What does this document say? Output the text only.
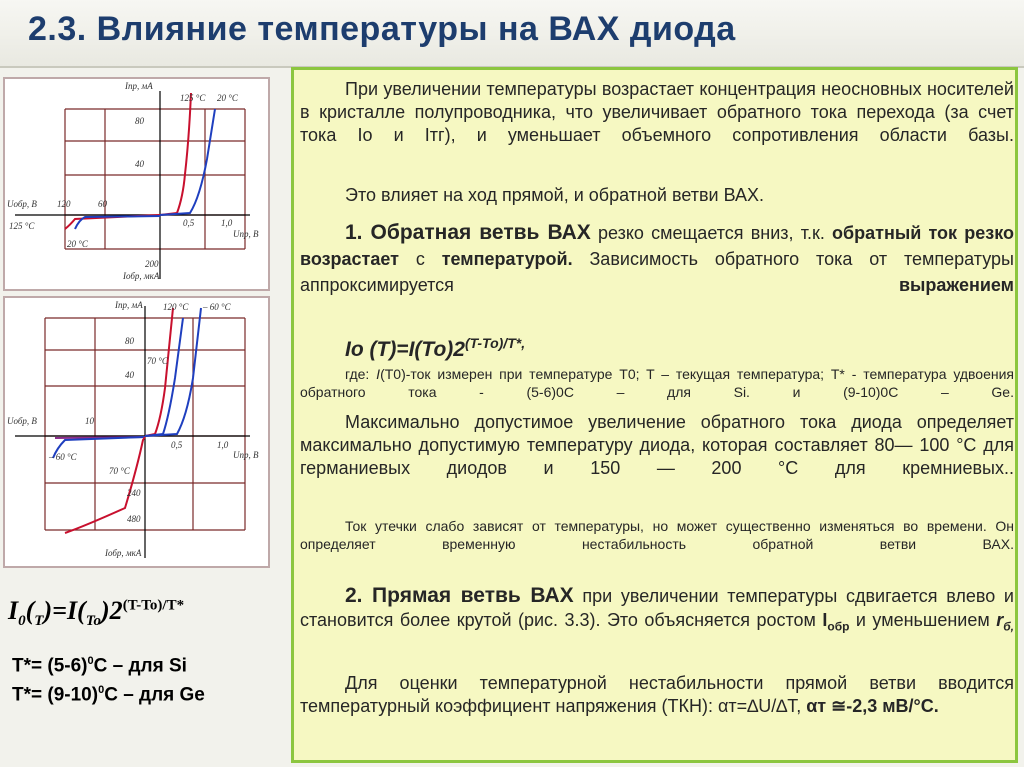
2.3. Влияние температуры на ВАХ диода
Iпр, мА
125 °C 20 °C
80
40
Uобр, В 120	60
0,5	1,0
Uпр, В
125 °C
20 °C
200
Iобр, мкА
Iпр, мА 120 °C – 60 °C
80
40
70 °C
Uобр, В	10
0,5	1,0
Uпр, В
– 60 °C
70 °C
240
480
Iобр, мкА
$I_0(_T)=I(_{To})2^{(T-To)/T*}$
$T*= (5-6)^0C$ – для Si
$T*= (9-10)^0C$ – для Ge
При увеличении температуры возрастает концентрация неосновных носителей в кристалле полупроводника, что увеличивает обратного тока перехода (за счет тока Io и Iтг), и уменьшает объемного сопротивления области базы.
Это влияет на ход прямой, и обратной ветви ВАХ.
1. Обратная ветвь ВАХ резко смещается вниз, т.к. обратный ток резко возрастает с температурой. Зависимость обратного тока от температуры аппроксимируется	выражением
Io $(T)=I(To)2^{(T-To)/T*,}$
где: I(T0)-ток измерен при температуре T0; T – текущая температура; T* - температура удвоения обратного тока - (5-6)0C – для Si. и (9-10)0C – Ge.
Максимально допустимое увеличение обратного тока диода определяет максимально допустимую температуру диода, которая составляет 80— 100 °C для германиевых диодов и 150 — 200 °C для кремниевых..
Ток утечки слабо зависят от температуры, но может существенно изменяться во времени. Он определяет временную нестабильность обратной ветви ВАХ.
2. Прямая ветвь ВАХ при увеличении температуры сдвигается влево и становится более крутой (рис. 3.3). Это объясняется ростом $I_{обр}$ и уменьшением $r_{б,}$
Для оценки температурной нестабильности прямой ветви вводится температурный коэффициент напряжения (ТКН): αт=∆U/∆T, αт ≅-2,3 мВ/°С.
